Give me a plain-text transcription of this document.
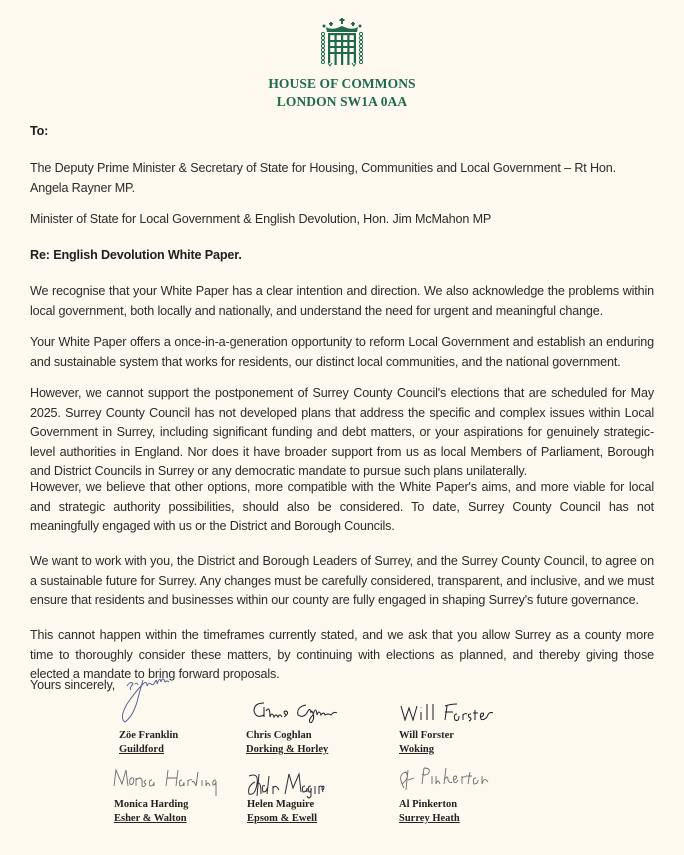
HOUSE OF COMMONS
LONDON SW1A 0AA
To:
The Deputy Prime Minister & Secretary of State for Housing, Communities and Local Government – Rt Hon. Angela Rayner MP.
Minister of State for Local Government & English Devolution, Hon. Jim McMahon MP
Re: English Devolution White Paper.
We recognise that your White Paper has a clear intention and direction. We also acknowledge the problems within local government, both locally and nationally, and understand the need for urgent and meaningful change.
Your White Paper offers a once-in-a-generation opportunity to reform Local Government and establish an enduring and sustainable system that works for residents, our distinct local communities, and the national government.
However, we cannot support the postponement of Surrey County Council's elections that are scheduled for May 2025. Surrey County Council has not developed plans that address the specific and complex issues within Local Government in Surrey, including significant funding and debt matters, or your aspirations for genuinely strategic-level authorities in England. Nor does it have broader support from us as local Members of Parliament, Borough and District Councils in Surrey or any democratic mandate to pursue such plans unilaterally.
However, we believe that other options, more compatible with the White Paper's aims, and more viable for local and strategic authority possibilities, should also be considered. To date, Surrey County Council has not meaningfully engaged with us or the District and Borough Councils.
We want to work with you, the District and Borough Leaders of Surrey, and the Surrey County Council, to agree on a sustainable future for Surrey. Any changes must be carefully considered, transparent, and inclusive, and we must ensure that residents and businesses within our county are fully engaged in shaping Surrey's future governance.
This cannot happen within the timeframes currently stated, and we ask that you allow Surrey as a county more time to thoroughly consider these matters, by continuing with elections as planned, and thereby giving those elected a mandate to bring forward proposals.
Yours sincerely,
Zöe Franklin
Guildford
Chris Coghlan
Dorking & Horley
Will Forster
Woking
Monica Harding
Esher & Walton
Helen Maguire
Epsom & Ewell
Al Pinkerton
Surrey Heath
